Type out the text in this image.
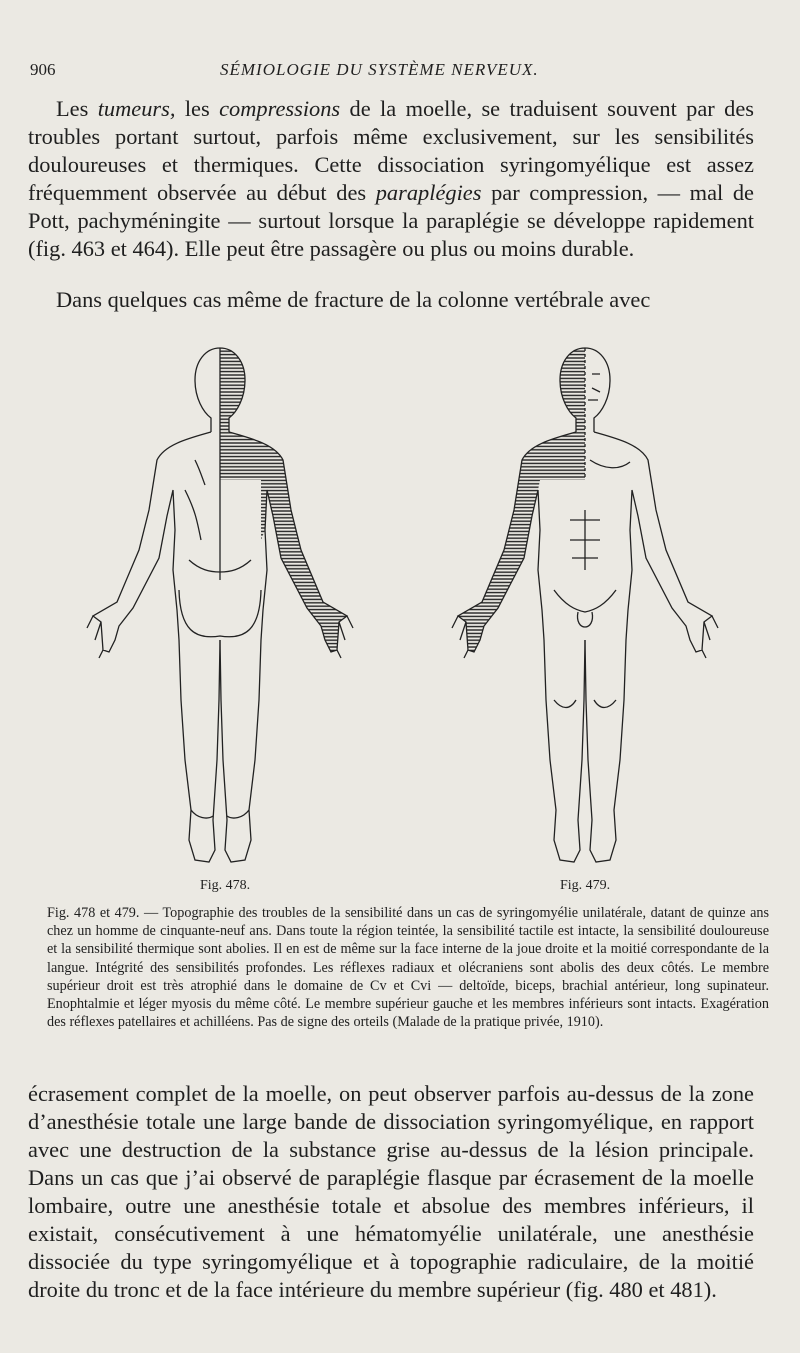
906	SÉMIOLOGIE DU SYSTÈME NERVEUX.

Les tumeurs, les compressions de la moelle, se traduisent souvent par des troubles portant surtout, parfois même exclusivement, sur les sensibilités douloureuses et thermiques. Cette dissociation syringomyélique est assez fréquemment observée au début des paraplégies par compression, — mal de Pott, pachyméningite — surtout lorsque la paraplégie se développe rapidement (fig. 463 et 464). Elle peut être passagère ou plus ou moins durable.

Dans quelques cas même de fracture de la colonne vertébrale avec

Fig. 478.	Fig. 479.

Fig. 478 et 479. — Topographie des troubles de la sensibilité dans un cas de syringomyélie unilatérale, datant de quinze ans chez un homme de cinquante-neuf ans. Dans toute la région teintée, la sensibilité tactile est intacte, la sensibilité douloureuse et la sensibilité thermique sont abolies. Il en est de même sur la face interne de la joue droite et la moitié correspondante de la langue. Intégrité des sensibilités profondes. Les réflexes radiaux et olécraniens sont abolis des deux côtés. Le membre supérieur droit est très atrophié dans le domaine de Cv et Cvi — deltoïde, biceps, brachial antérieur, long supinateur. Enophtalmie et léger myosis du même côté. Le membre supérieur gauche et les membres inférieurs sont intacts. Exagération des réflexes patellaires et achilléens. Pas de signe des orteils (Malade de la pratique privée, 1910).

écrasement complet de la moelle, on peut observer parfois au-dessus de la zone d’anesthésie totale une large bande de dissociation syringomyélique, en rapport avec une destruction de la substance grise au-dessus de la lésion principale. Dans un cas que j’ai observé de paraplégie flasque par écrasement de la moelle lombaire, outre une anesthésie totale et absolue des membres inférieurs, il existait, consécutivement à une hématomyélie unilatérale, une anesthésie dissociée du type syringomyélique et à topographie radiculaire, de la moitié droite du tronc et de la face intérieure du membre supérieur (fig. 480 et 481).
